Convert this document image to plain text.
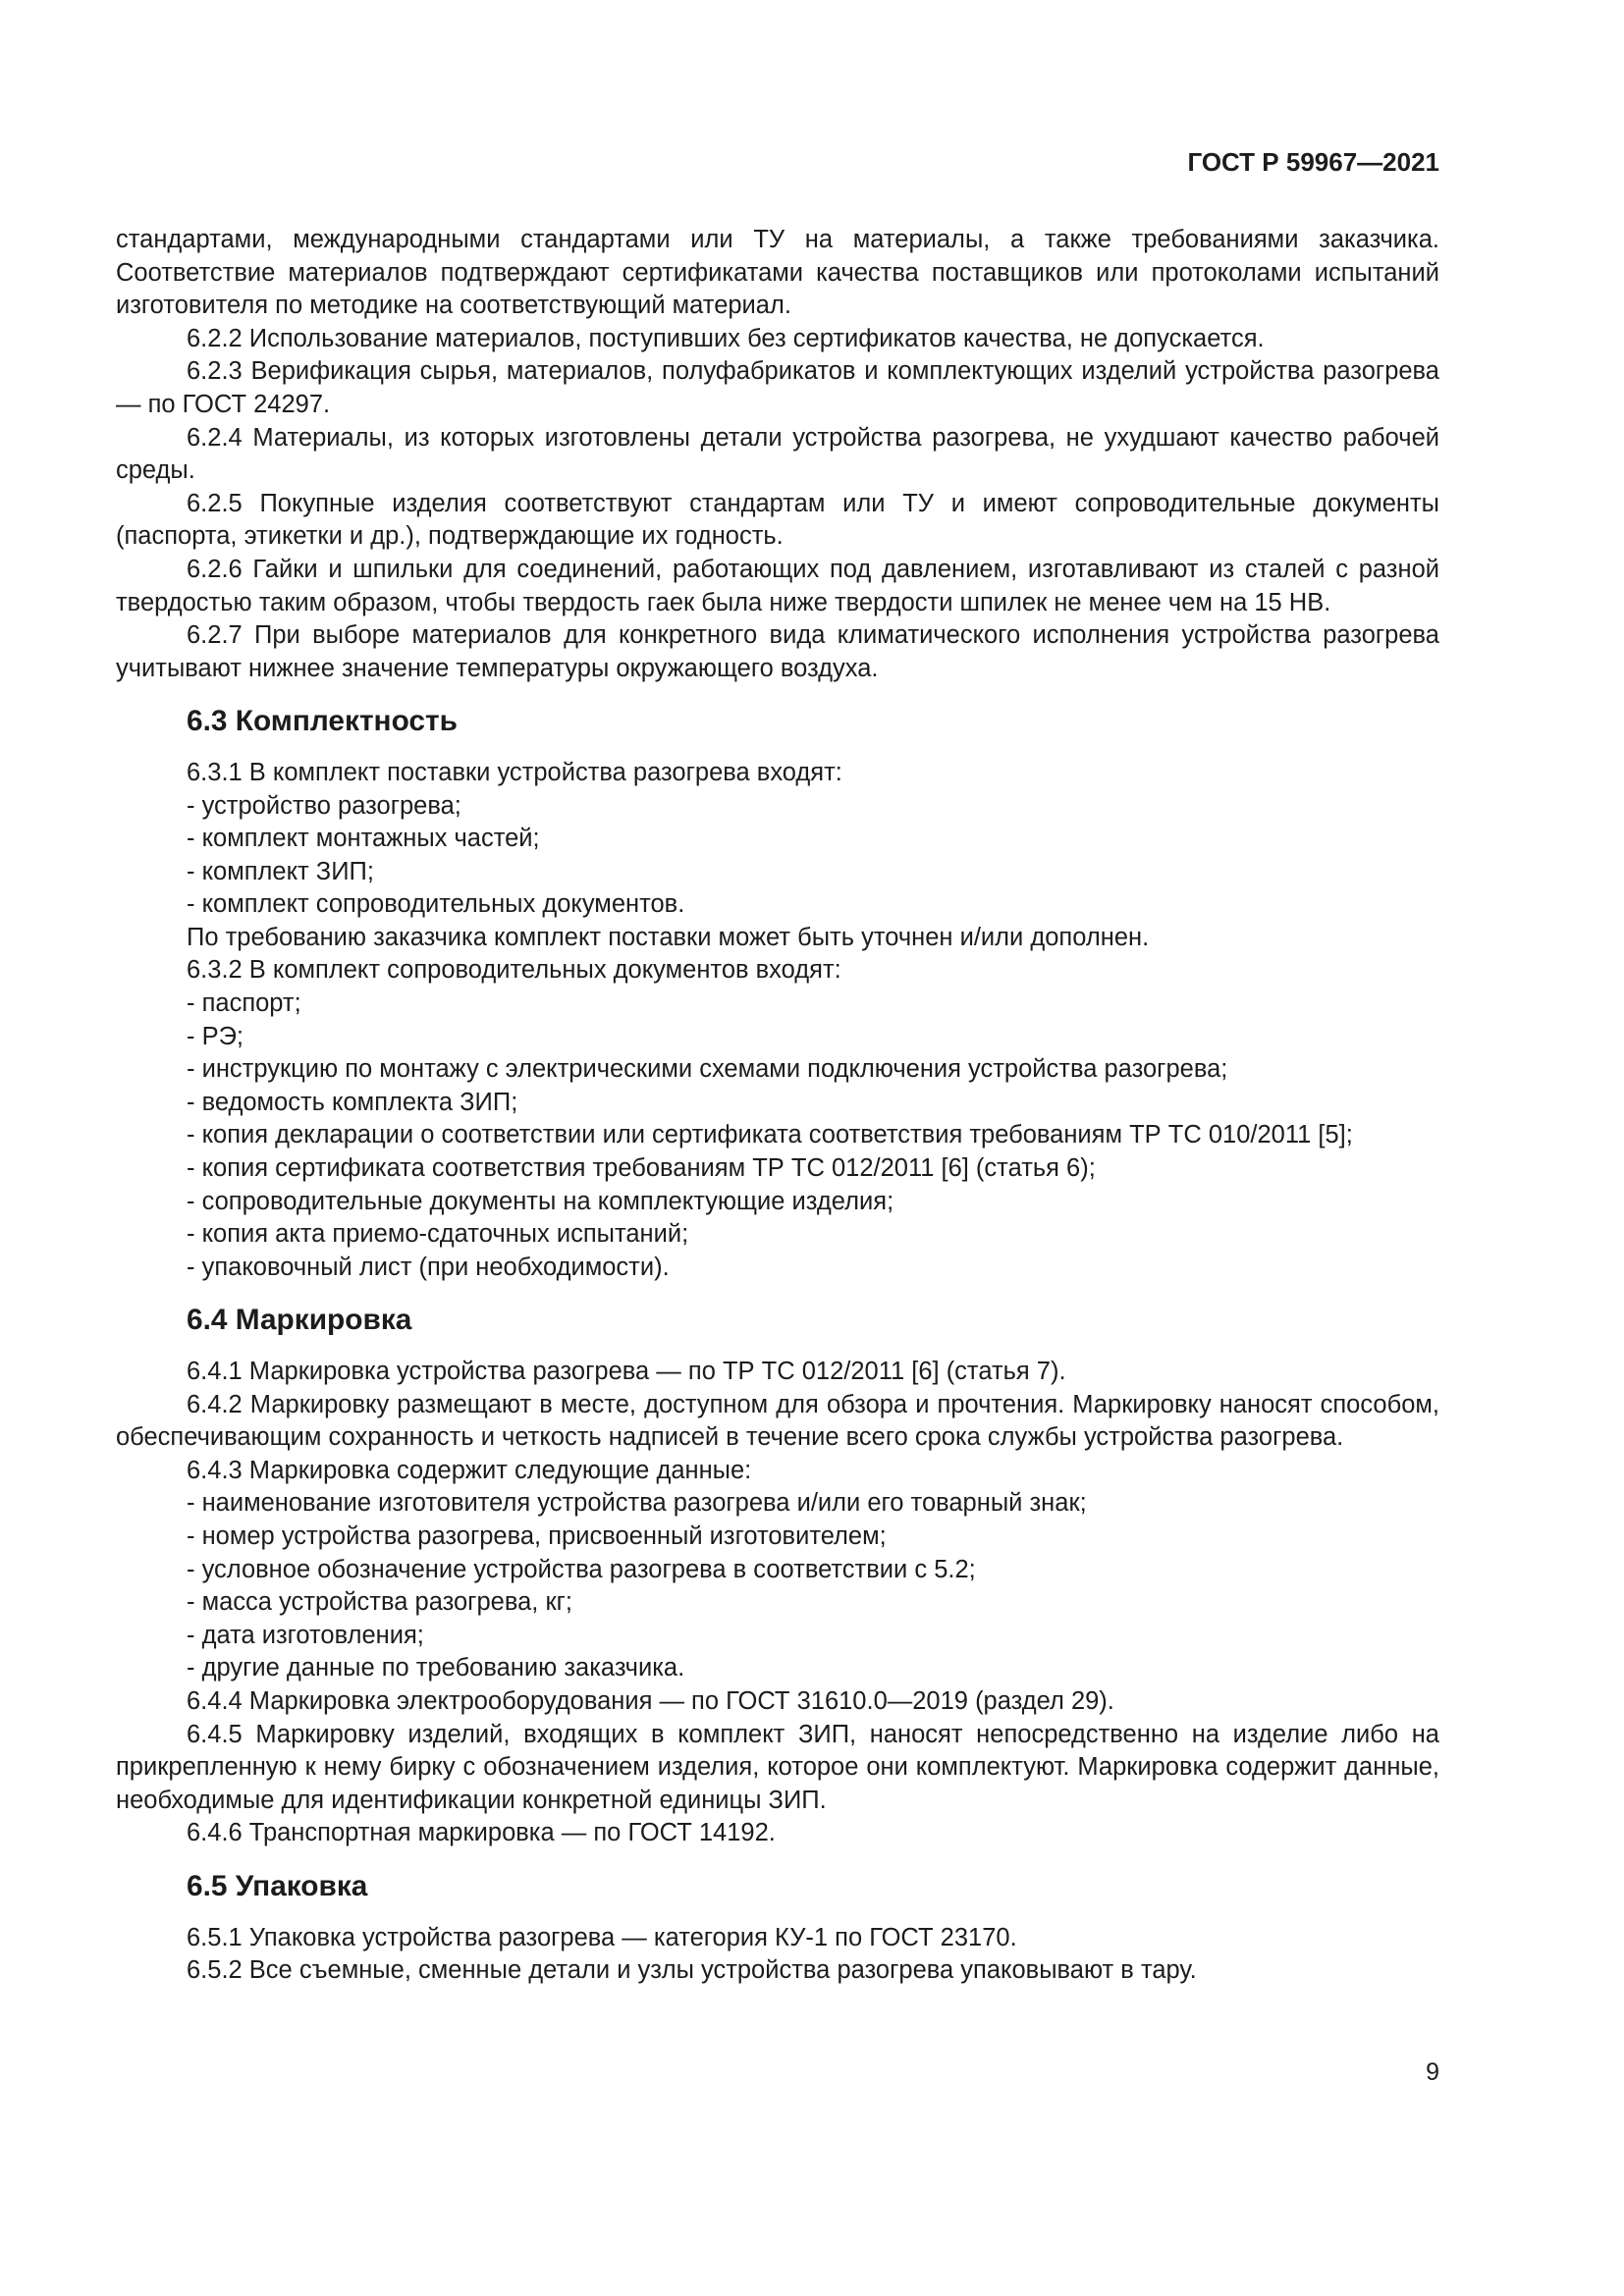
ГОСТ Р 59967—2021

стандартами, международными стандартами или ТУ на материалы, а также требованиями заказчика. Соответствие материалов подтверждают сертификатами качества поставщиков или протоколами испытаний изготовителя по методике на соответствующий материал.

6.2.2 Использование материалов, поступивших без сертификатов качества, не допускается.

6.2.3 Верификация сырья, материалов, полуфабрикатов и комплектующих изделий устройства разогрева — по ГОСТ 24297.

6.2.4 Материалы, из которых изготовлены детали устройства разогрева, не ухудшают качество рабочей среды.

6.2.5 Покупные изделия соответствуют стандартам или ТУ и имеют сопроводительные документы (паспорта, этикетки и др.), подтверждающие их годность.

6.2.6 Гайки и шпильки для соединений, работающих под давлением, изготавливают из сталей с разной твердостью таким образом, чтобы твердость гаек была ниже твердости шпилек не менее чем на 15 НВ.

6.2.7 При выборе материалов для конкретного вида климатического исполнения устройства разогрева учитывают нижнее значение температуры окружающего воздуха.

6.3 Комплектность

6.3.1 В комплект поставки устройства разогрева входят:

- устройство разогрева;

- комплект монтажных частей;

- комплект ЗИП;

- комплект сопроводительных документов.

По требованию заказчика комплект поставки может быть уточнен и/или дополнен.

6.3.2 В комплект сопроводительных документов входят:

- паспорт;

- РЭ;

- инструкцию по монтажу с электрическими схемами подключения устройства разогрева;

- ведомость комплекта ЗИП;

- копия декларации о соответствии или сертификата соответствия требованиям ТР ТС 010/2011 [5];

- копия сертификата соответствия требованиям ТР ТС 012/2011 [6] (статья 6);

- сопроводительные документы на комплектующие изделия;

- копия акта приемо-сдаточных испытаний;

- упаковочный лист (при необходимости).

6.4 Маркировка

6.4.1 Маркировка устройства разогрева — по ТР ТС 012/2011 [6] (статья 7).

6.4.2 Маркировку размещают в месте, доступном для обзора и прочтения. Маркировку наносят способом, обеспечивающим сохранность и четкость надписей в течение всего срока службы устройства разогрева.

6.4.3 Маркировка содержит следующие данные:

- наименование изготовителя устройства разогрева и/или его товарный знак;

- номер устройства разогрева, присвоенный изготовителем;

- условное обозначение устройства разогрева в соответствии с 5.2;

- масса устройства разогрева, кг;

- дата изготовления;

- другие данные по требованию заказчика.

6.4.4 Маркировка электрооборудования — по ГОСТ 31610.0—2019 (раздел 29).

6.4.5 Маркировку изделий, входящих в комплект ЗИП, наносят непосредственно на изделие либо на прикрепленную к нему бирку с обозначением изделия, которое они комплектуют. Маркировка содержит данные, необходимые для идентификации конкретной единицы ЗИП.

6.4.6 Транспортная маркировка — по ГОСТ 14192.

6.5 Упаковка

6.5.1 Упаковка устройства разогрева — категория КУ-1 по ГОСТ 23170.

6.5.2 Все съемные, сменные детали и узлы устройства разогрева упаковывают в тару.

9
